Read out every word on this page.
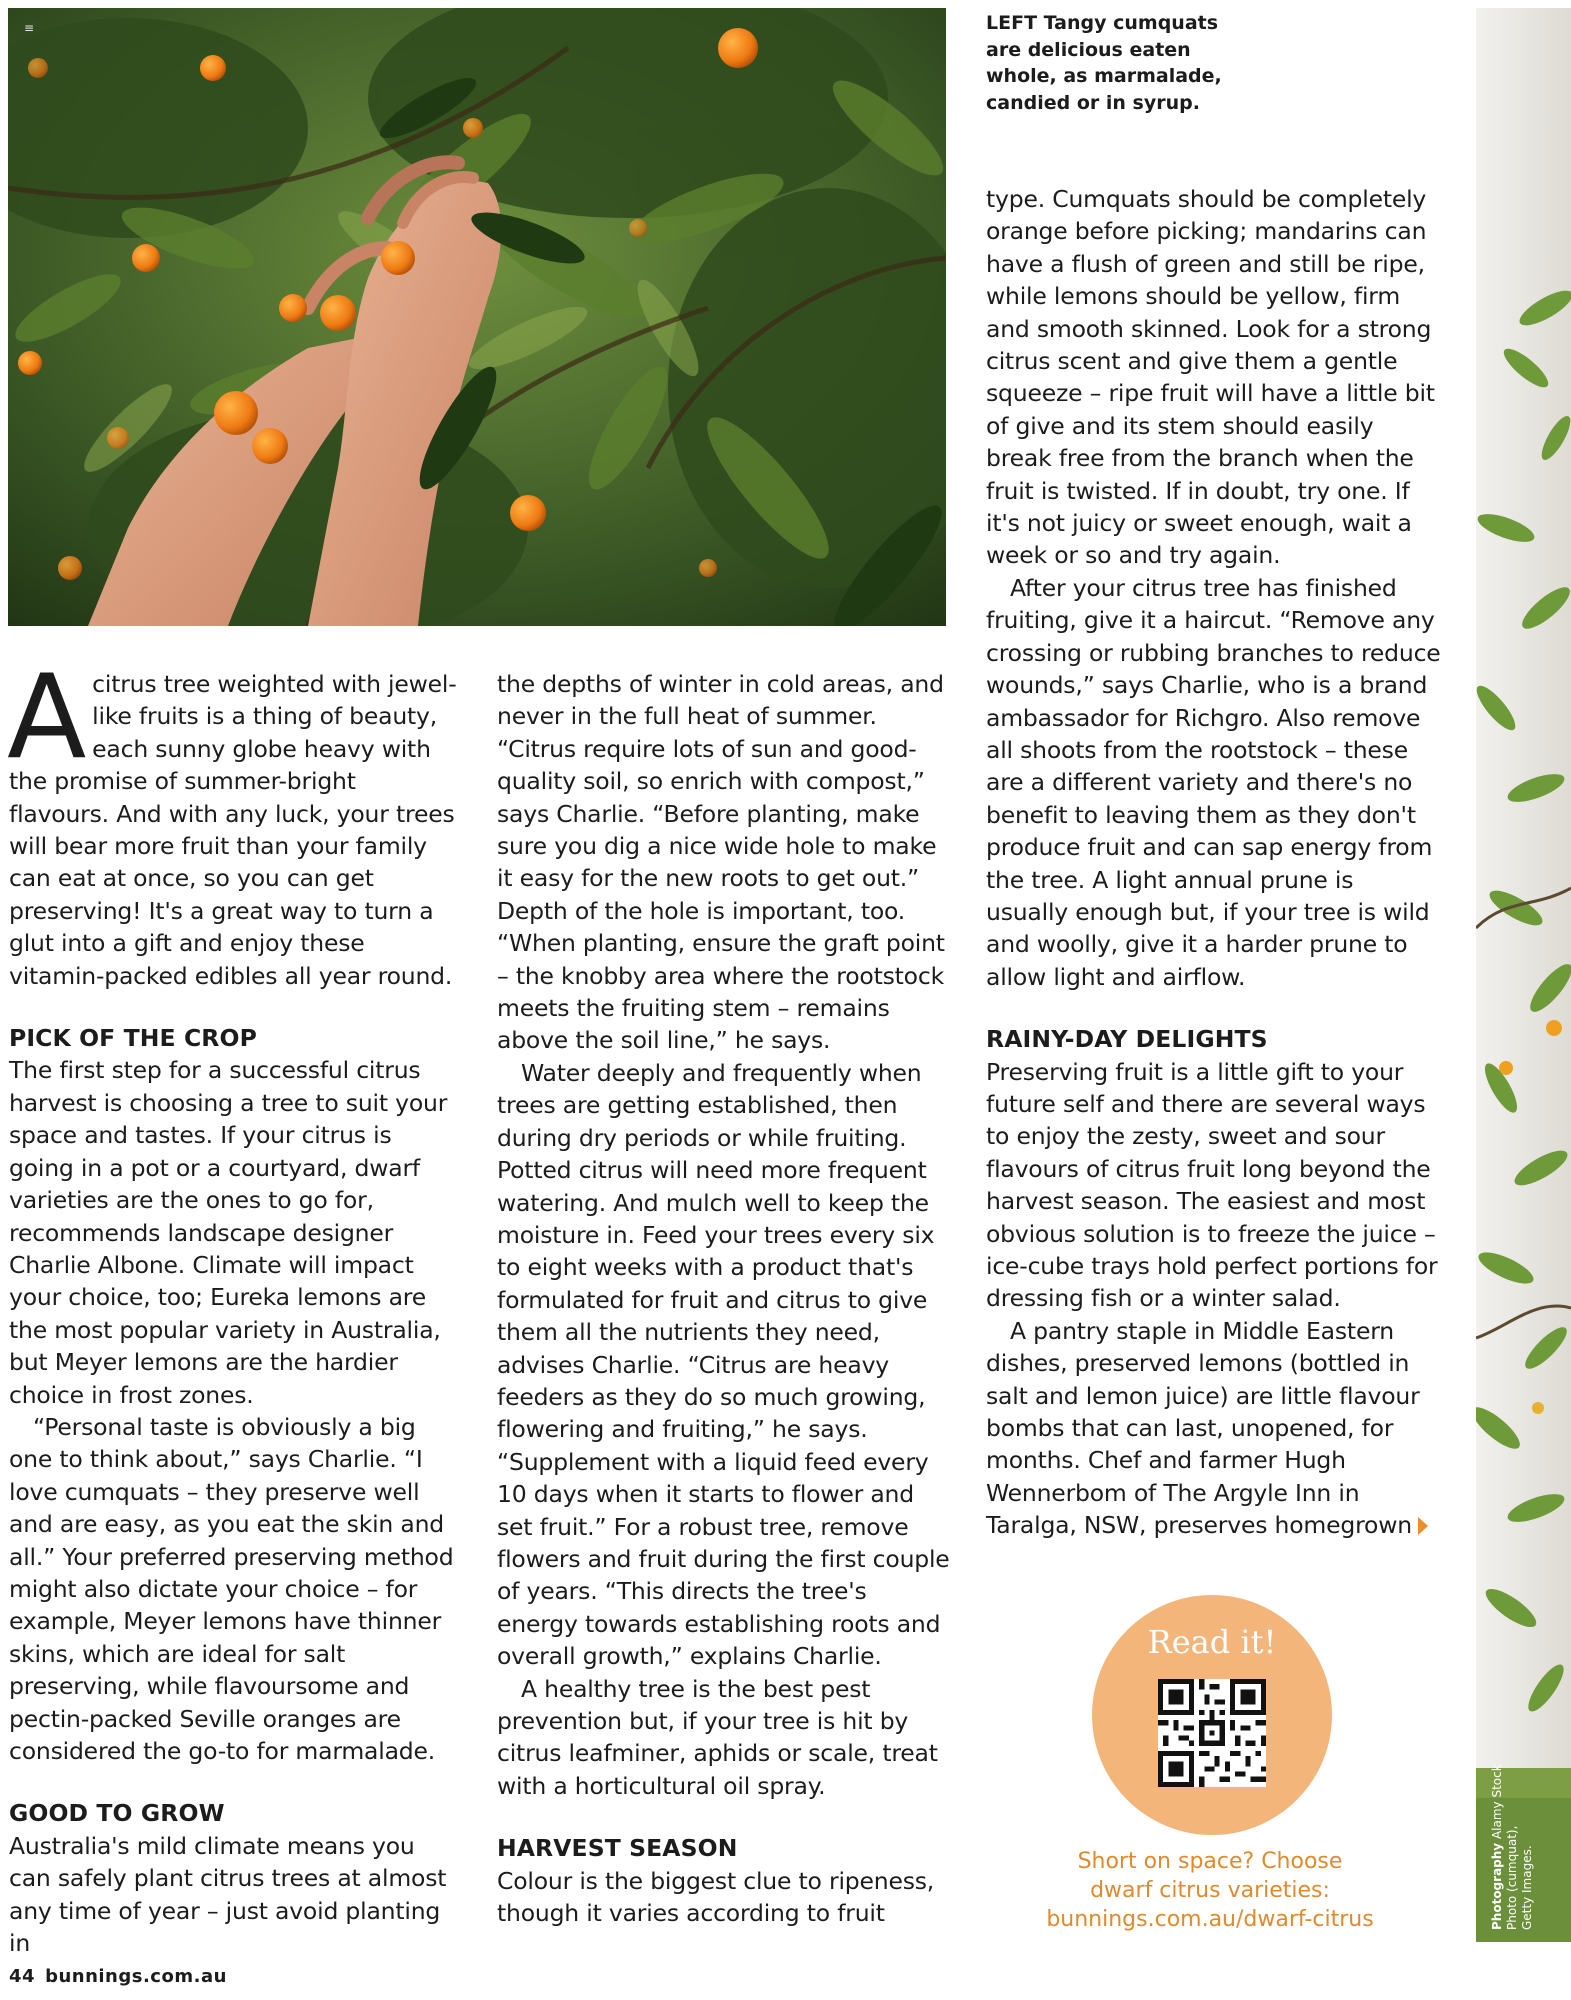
≡
Photography Alamy Stock Photo (cumquat),
Getty Images.
LEFT Tangy cumquats are delicious eaten whole, as marmalade, candied or in syrup.

A citrus tree weighted with jewel-like fruits is a thing of beauty, each sunny globe heavy with the promise of summer-bright flavours. And with any luck, your trees will bear more fruit than your family can eat at once, so you can get preserving! It's a great way to turn a glut into a gift and enjoy these vitamin-packed edibles all year round.

PICK OF THE CROP

The first step for a successful citrus harvest is choosing a tree to suit your space and tastes. If your citrus is going in a pot or a courtyard, dwarf varieties are the ones to go for, recommends landscape designer Charlie Albone. Climate will impact your choice, too; Eureka lemons are the most popular variety in Australia, but Meyer lemons are the hardier choice in frost zones.

“Personal taste is obviously a big one to think about,” says Charlie. “I love cumquats – they preserve well and are easy, as you eat the skin and all.” Your preferred preserving method might also dictate your choice – for example, Meyer lemons have thinner skins, which are ideal for salt preserving, while flavoursome and pectin-packed Seville oranges are considered the go-to for marmalade.

GOOD TO GROW

Australia's mild climate means you can safely plant citrus trees at almost any time of year – just avoid planting in

the depths of winter in cold areas, and never in the full heat of summer. “Citrus require lots of sun and good-quality soil, so enrich with compost,” says Charlie. “Before planting, make sure you dig a nice wide hole to make it easy for the new roots to get out.” Depth of the hole is important, too. “When planting, ensure the graft point – the knobby area where the rootstock meets the fruiting stem – remains above the soil line,” he says.

Water deeply and frequently when trees are getting established, then during dry periods or while fruiting. Potted citrus will need more frequent watering. And mulch well to keep the moisture in. Feed your trees every six to eight weeks with a product that's formulated for fruit and citrus to give them all the nutrients they need, advises Charlie. “Citrus are heavy feeders as they do so much growing, flowering and fruiting,” he says. “Supplement with a liquid feed every 10 days when it starts to flower and set fruit.” For a robust tree, remove flowers and fruit during the first couple of years. “This directs the tree's energy towards establishing roots and overall growth,” explains Charlie.

A healthy tree is the best pest prevention but, if your tree is hit by citrus leafminer, aphids or scale, treat with a horticultural oil spray.

HARVEST SEASON

Colour is the biggest clue to ripeness, though it varies according to fruit

type. Cumquats should be completely orange before picking; mandarins can have a flush of green and still be ripe, while lemons should be yellow, firm and smooth skinned. Look for a strong citrus scent and give them a gentle squeeze – ripe fruit will have a little bit of give and its stem should easily break free from the branch when the fruit is twisted. If in doubt, try one. If it's not juicy or sweet enough, wait a week or so and try again.

After your citrus tree has finished fruiting, give it a haircut. “Remove any crossing or rubbing branches to reduce wounds,” says Charlie, who is a brand ambassador for Richgro. Also remove all shoots from the rootstock – these are a different variety and there's no benefit to leaving them as they don't produce fruit and can sap energy from the tree. A light annual prune is usually enough but, if your tree is wild and woolly, give it a harder prune to allow light and airflow.

RAINY-DAY DELIGHTS

Preserving fruit is a little gift to your future self and there are several ways to enjoy the zesty, sweet and sour flavours of citrus fruit long beyond the harvest season. The easiest and most obvious solution is to freeze the juice – ice-cube trays hold perfect portions for dressing fish or a winter salad.

A pantry staple in Middle Eastern dishes, preserved lemons (bottled in salt and lemon juice) are little flavour bombs that can last, unopened, for months. Chef and farmer Hugh Wennerbom of The Argyle Inn in Taralga, NSW, preserves homegrown

Read it!
Short on space? Choose
dwarf citrus varieties:
bunnings.com.au/dwarf-citrus
44 bunnings.com.au
